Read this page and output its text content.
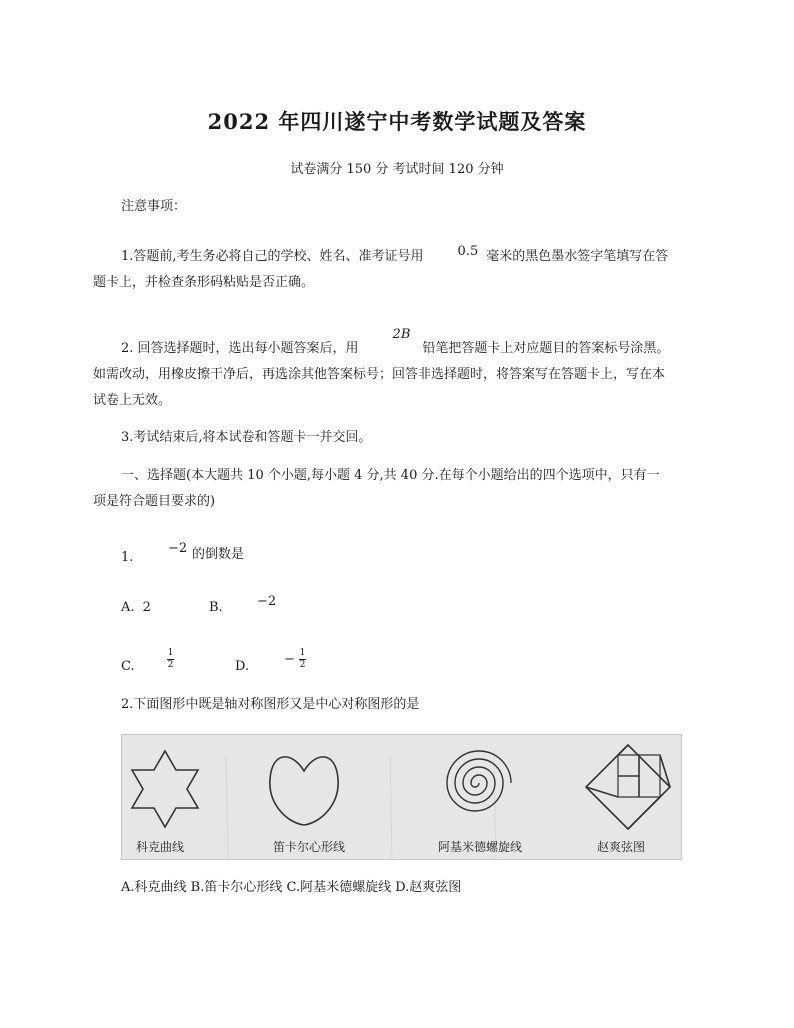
2022 年四川遂宁中考数学试题及答案
试卷满分 150 分 考试时间 120 分钟
注意事项：
1.答题前,考生务必将自己的学校、姓名、准考证号用	0.5 毫米的黑色墨水签字笔填写在答
题卡上，并检查条形码粘贴是否正确。
2. 回答选择题时，选出每小题答案后，用2B铅笔把答题卡上对应题目的答案标号涂黑。
如需改动，用橡皮擦干净后，再选涂其他答案标号；回答非选择题时，将答案写在答题卡上，写在本
试卷上无效。
3.考试结束后,将本试卷和答题卡一并交回。
一、选择题(本大题共 10 个小题,每小题 4 分,共 40 分.在每个小题给出的四个选项中，只有一
项是符合题目要求的)
1.
−2 的倒数是
A. 2	B.	−2
C.	$\frac{1}{2}$	D.	− $\frac{1}{2}$
2.下面图形中既是轴对称图形又是中心对称图形的是
科克曲线	笛卡尔心形线	阿基米德螺旋线	赵爽弦图
A.科克曲线 B.笛卡尔心形线 C.阿基米德螺旋线 D.赵爽弦图
